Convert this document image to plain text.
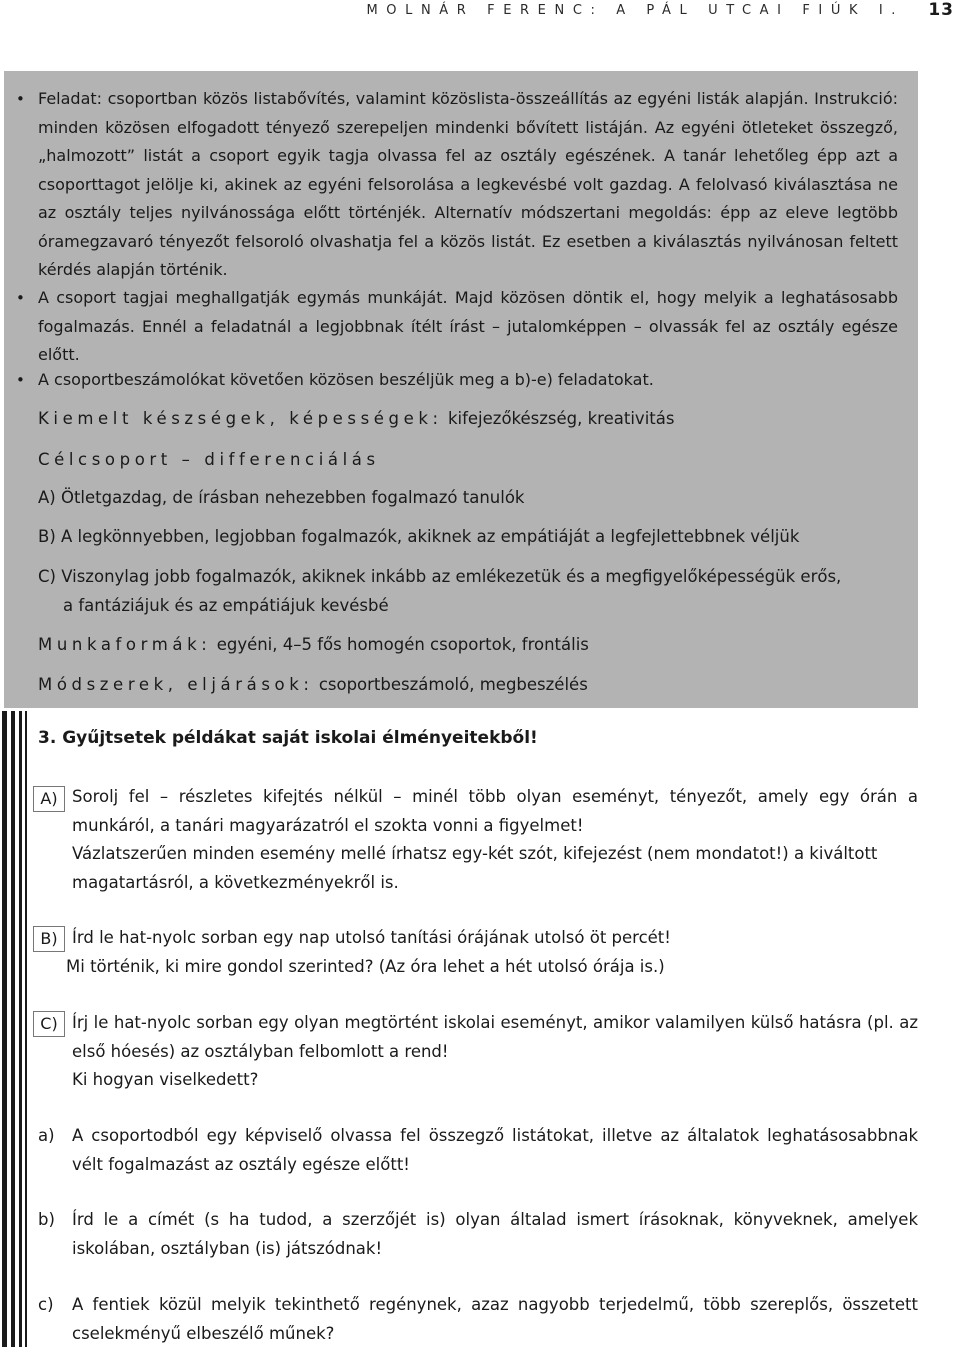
MOLNÁR FERENC: A PÁL UTCAI FIÚK I. 13
• Feladat: csoportban közös listabővítés, valamint közöslista-összeállítás az egyéni listák alapján. Instrukció: minden közösen elfogadott tényező szerepeljen mindenki bővített listáján. Az egyéni ötleteket összegző, „halmozott” listát a csoport egyik tagja olvassa fel az osztály egészének. A tanár lehetőleg épp azt a csoporttagot jelölje ki, akinek az egyéni felsorolása a legkevésbé volt gazdag. A felolvasó kiválasztása ne az osztály teljes nyilvánossága előtt történjék. Alternatív módszertani megoldás: épp az eleve legtöbb óramegzavaró tényezőt felsoroló olvashatja fel a közös listát. Ez esetben a kiválasztás nyilvánosan feltett kérdés alapján történik.
• A csoport tagjai meghallgatják egymás munkáját. Majd közösen döntik el, hogy melyik a leghatásosabb fogalmazás. Ennél a feladatnál a legjobbnak ítélt írást – jutalomképpen – olvassák fel az osztály egésze előtt.
• A csoportbeszámolókat követően közösen beszéljük meg a b)-e) feladatokat.
Kiemelt készségek, képességek: kifejezőkészség, kreativitás
Célcsoport – differenciálás
A) Ötletgazdag, de írásban nehezebben fogalmazó tanulók
B) A legkönnyebben, legjobban fogalmazók, akiknek az empátiáját a legfejlettebbnek véljük
C) Viszonylag jobb fogalmazók, akiknek inkább az emlékezetük és a megfigyelőképességük erős,
a fantáziájuk és az empátiájuk kevésbé
Munkaformák: egyéni, 4–5 fős homogén csoportok, frontális
Módszerek, eljárások: csoportbeszámoló, megbeszélés
3. Gyűjtsetek példákat saját iskolai élményeitekből!
A) Sorolj fel – részletes kifejtés nélkül – minél több olyan eseményt, tényezőt, amely egy órán a munkáról, a tanári magyarázatról el szokta vonni a figyelmet!

Vázlatszerűen minden esemény mellé írhatsz egy-két szót, kifejezést (nem mondatot!) a kiváltott magatartásról, a következményekről is.

B) Írd le hat-nyolc sorban egy nap utolsó tanítási órájának utolsó öt percét!

Mi történik, ki mire gondol szerinted? (Az óra lehet a hét utolsó órája is.)

C) Írj le hat-nyolc sorban egy olyan megtörtént iskolai eseményt, amikor valamilyen külső hatásra (pl. az első hóesés) az osztályban felbomlott a rend!

Ki hogyan viselkedett?

a) A csoportodból egy képviselő olvassa fel összegző listátokat, illetve az általatok leghatásosabbnak vélt fogalmazást az osztály egésze előtt!
b) Írd le a címét (s ha tudod, a szerzőjét is) olyan általad ismert írásoknak, könyveknek, amelyek iskolában, osztályban (is) játszódnak!
c) A fentiek közül melyik tekinthető regénynek, azaz nagyobb terjedelmű, több szereplős, összetett cselekményű elbeszélő műnek?
